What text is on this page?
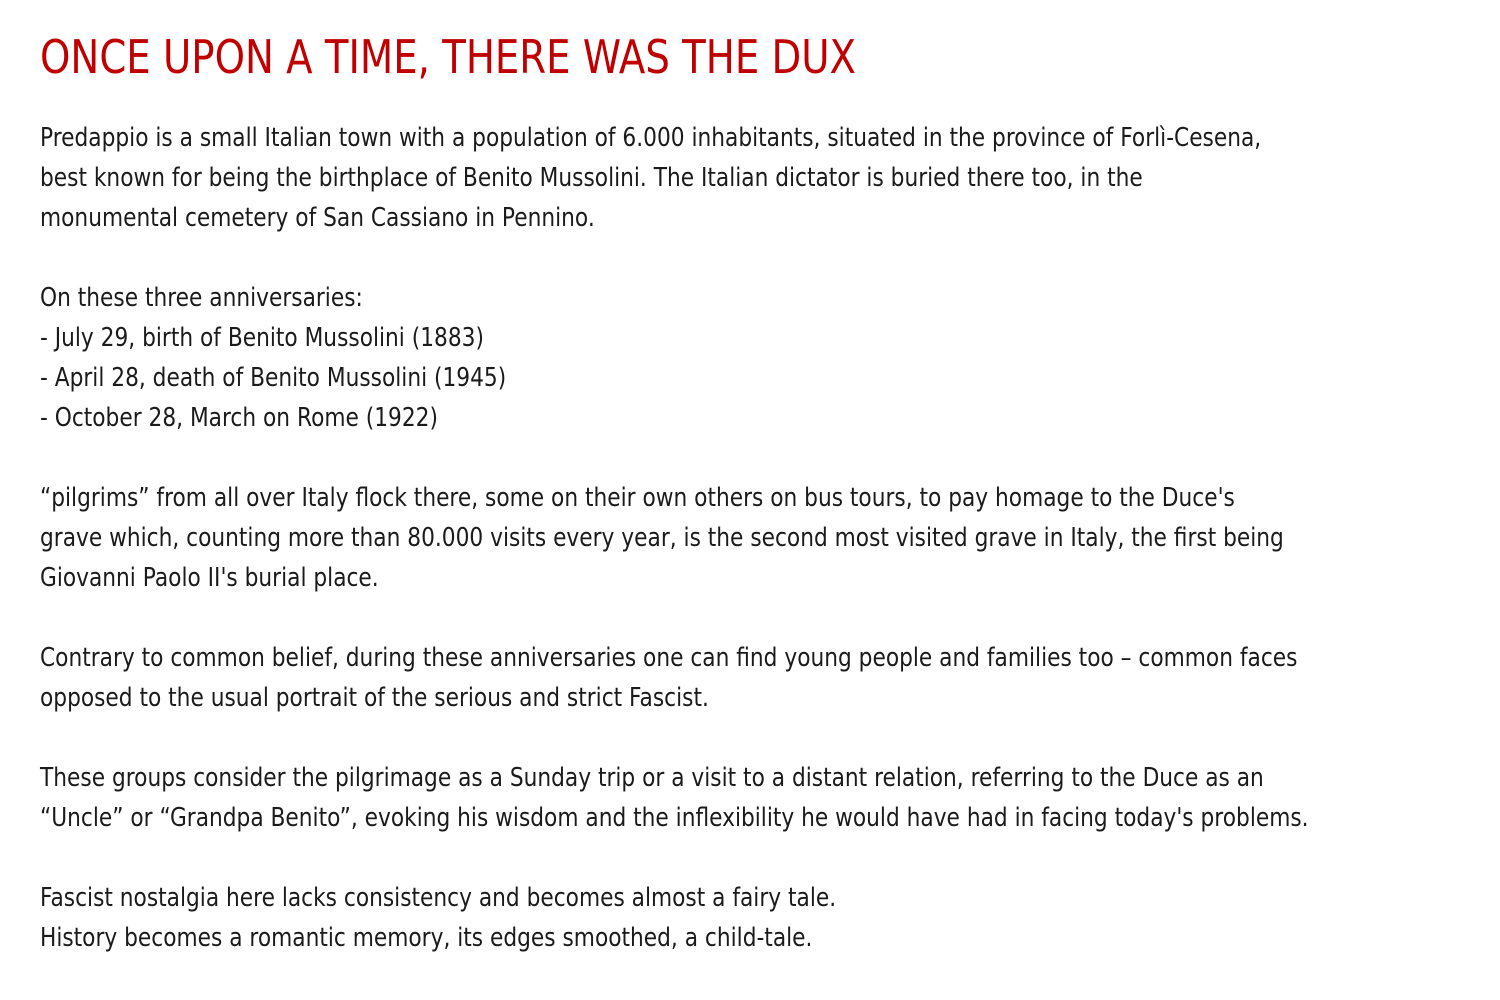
ONCE UPON A TIME, THERE WAS THE DUX

Predappio is a small Italian town with a population of 6.000 inhabitants, situated in the province of Forlì-Cesena,
best known for being the birthplace of Benito Mussolini. The Italian dictator is buried there too, in the
monumental cemetery of San Cassiano in Pennino.

On these three anniversaries:
- July 29, birth of Benito Mussolini (1883)
- April 28, death of Benito Mussolini (1945)
- October 28, March on Rome (1922)

“pilgrims” from all over Italy flock there, some on their own others on bus tours, to pay homage to the Duce's
grave which, counting more than 80.000 visits every year, is the second most visited grave in Italy, the first being
Giovanni Paolo II's burial place.

Contrary to common belief, during these anniversaries one can find young people and families too – common faces
opposed to the usual portrait of the serious and strict Fascist.

These groups consider the pilgrimage as a Sunday trip or a visit to a distant relation, referring to the Duce as an
“Uncle” or “Grandpa Benito”, evoking his wisdom and the inflexibility he would have had in facing today's problems.

Fascist nostalgia here lacks consistency and becomes almost a fairy tale.
History becomes a romantic memory, its edges smoothed, a child-tale.
